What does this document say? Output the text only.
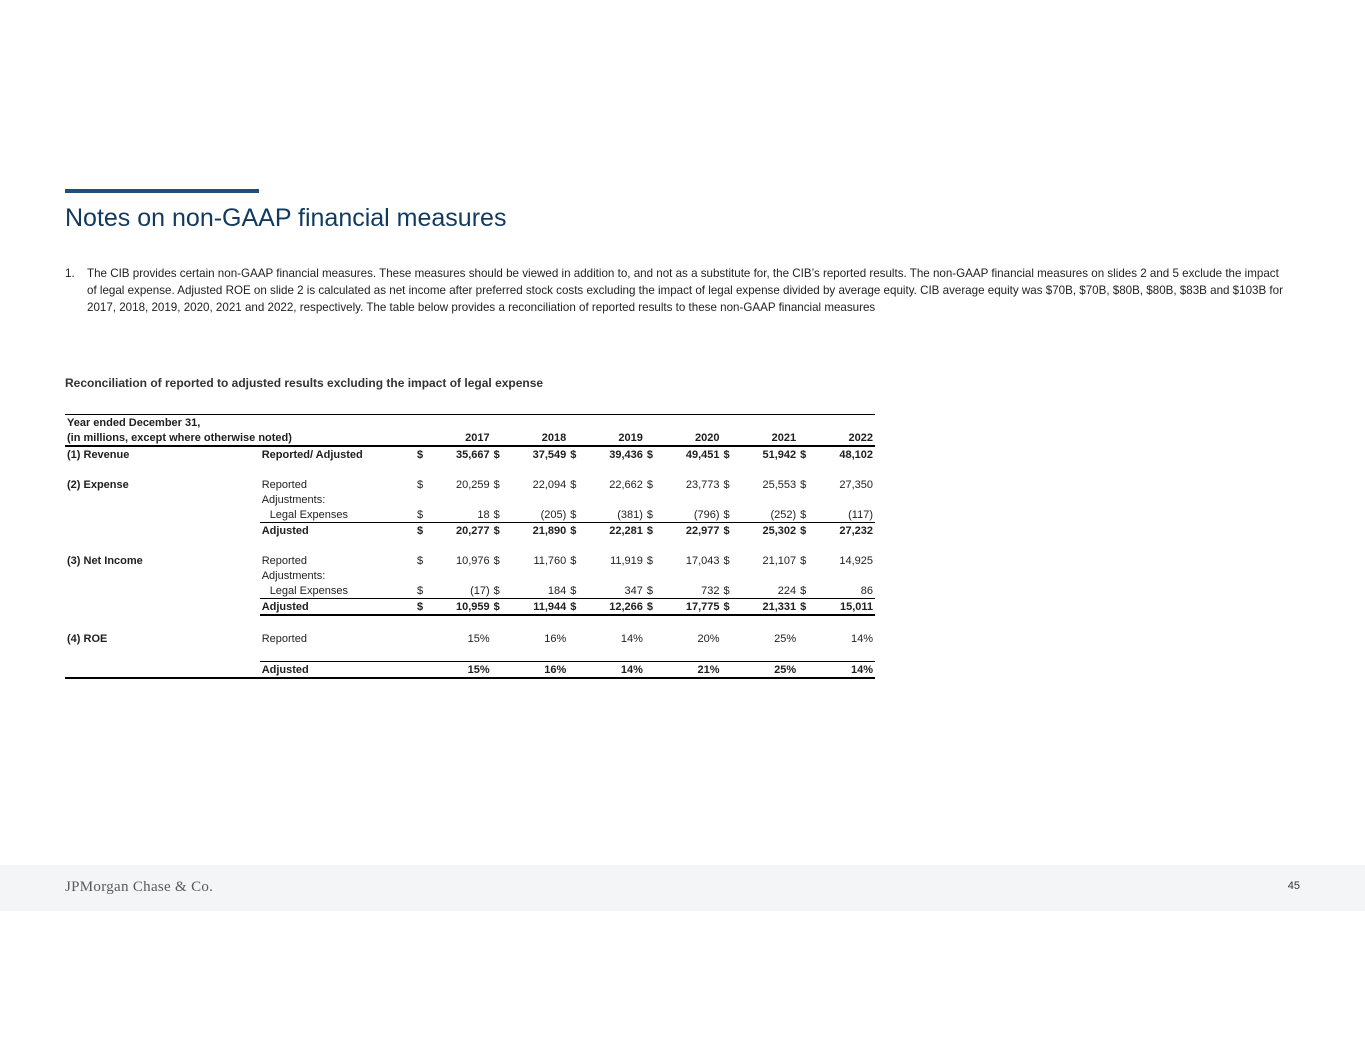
Notes on non-GAAP financial measures
1.	The CIB provides certain non-GAAP financial measures. These measures should be viewed in addition to, and not as a substitute for, the CIB’s reported results. The non-GAAP financial measures on slides 2 and 5 exclude the impact of legal expense. Adjusted ROE on slide 2 is calculated as net income after preferred stock costs excluding the impact of legal expense divided by average equity. CIB average equity was $70B, $70B, $80B, $80B, $83B and $103B for 2017, 2018, 2019, 2020, 2021 and 2022, respectively. The table below provides a reconciliation of reported results to these non-GAAP financial measures
Reconciliation of reported to adjusted results excluding the impact of legal expense
Year ended December 31,													
(in millions, except where otherwise noted)			2017		2018		2019		2020		2021		2022
(1) Revenue	Reported/ Adjusted	$	35,667	$	37,549	$	39,436	$	49,451	$	51,942	$	48,102

(2) Expense	Reported	$	20,259	$	22,094	$	22,662	$	23,773	$	25,553	$	27,350
	Adjustments:												
	Legal Expenses	$	18	$	(205)	$	(381)	$	(796)	$	(252)	$	(117)
	Adjusted	$	20,277	$	21,890	$	22,281	$	22,977	$	25,302	$	27,232

(3) Net Income	Reported	$	10,976	$	11,760	$	11,919	$	17,043	$	21,107	$	14,925
	Adjustments:												
	Legal Expenses	$	(17)	$	184	$	347	$	732	$	224	$	86
	Adjusted	$	10,959	$	11,944	$	12,266	$	17,775	$	21,331	$	15,011

(4) ROE	Reported		15%		16%		14%		20%		25%		14%

	Adjusted		15%		16%		14%		21%		25%		14%
JPMorgan Chase & Co.	45
